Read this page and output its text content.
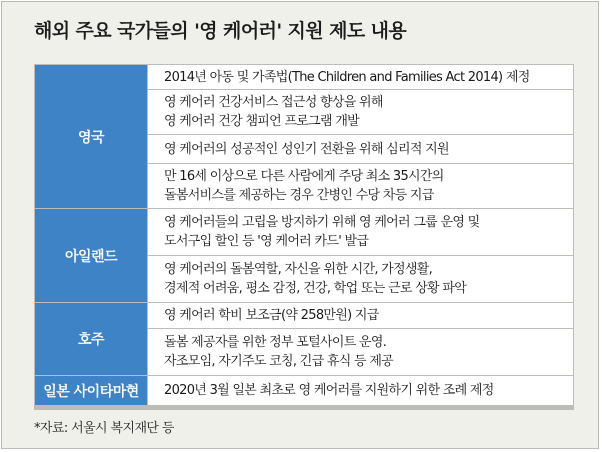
해외 주요 국가들의 '영 케어러' 지원 제도 내용
영국
2014년 아동 및 가족법(The Children and Families Act 2014) 제정
영 케어러 건강서비스 접근성 향상을 위해
영 케어러 건강 챔피언 프로그램 개발
영 케어러의 성공적인 성인기 전환을 위해 심리적 지원
만 16세 이상으로 다른 사람에게 주당 최소 35시간의
돌봄서비스를 제공하는 경우 간병인 수당 차등 지급
아일랜드
영 케어러들의 고립을 방지하기 위해 영 케어러 그룹 운영 및
도서구입 할인 등 '영 케어러 카드' 발급
영 케어러의 돌봄역할, 자신을 위한 시간, 가정생활,
경제적 어려움, 평소 감정, 건강, 학업 또는 근로 상황 파악
호주
영 케어러 학비 보조금(약 258만원) 지급
돌봄 제공자를 위한 정부 포털사이트 운영.
자조모임, 자기주도 코칭, 긴급 휴식 등 제공
일본 사이타마현	2020년 3월 일본 최초로 영 케어러를 지원하기 위한 조례 제정
*자료: 서울시 복지재단 등
